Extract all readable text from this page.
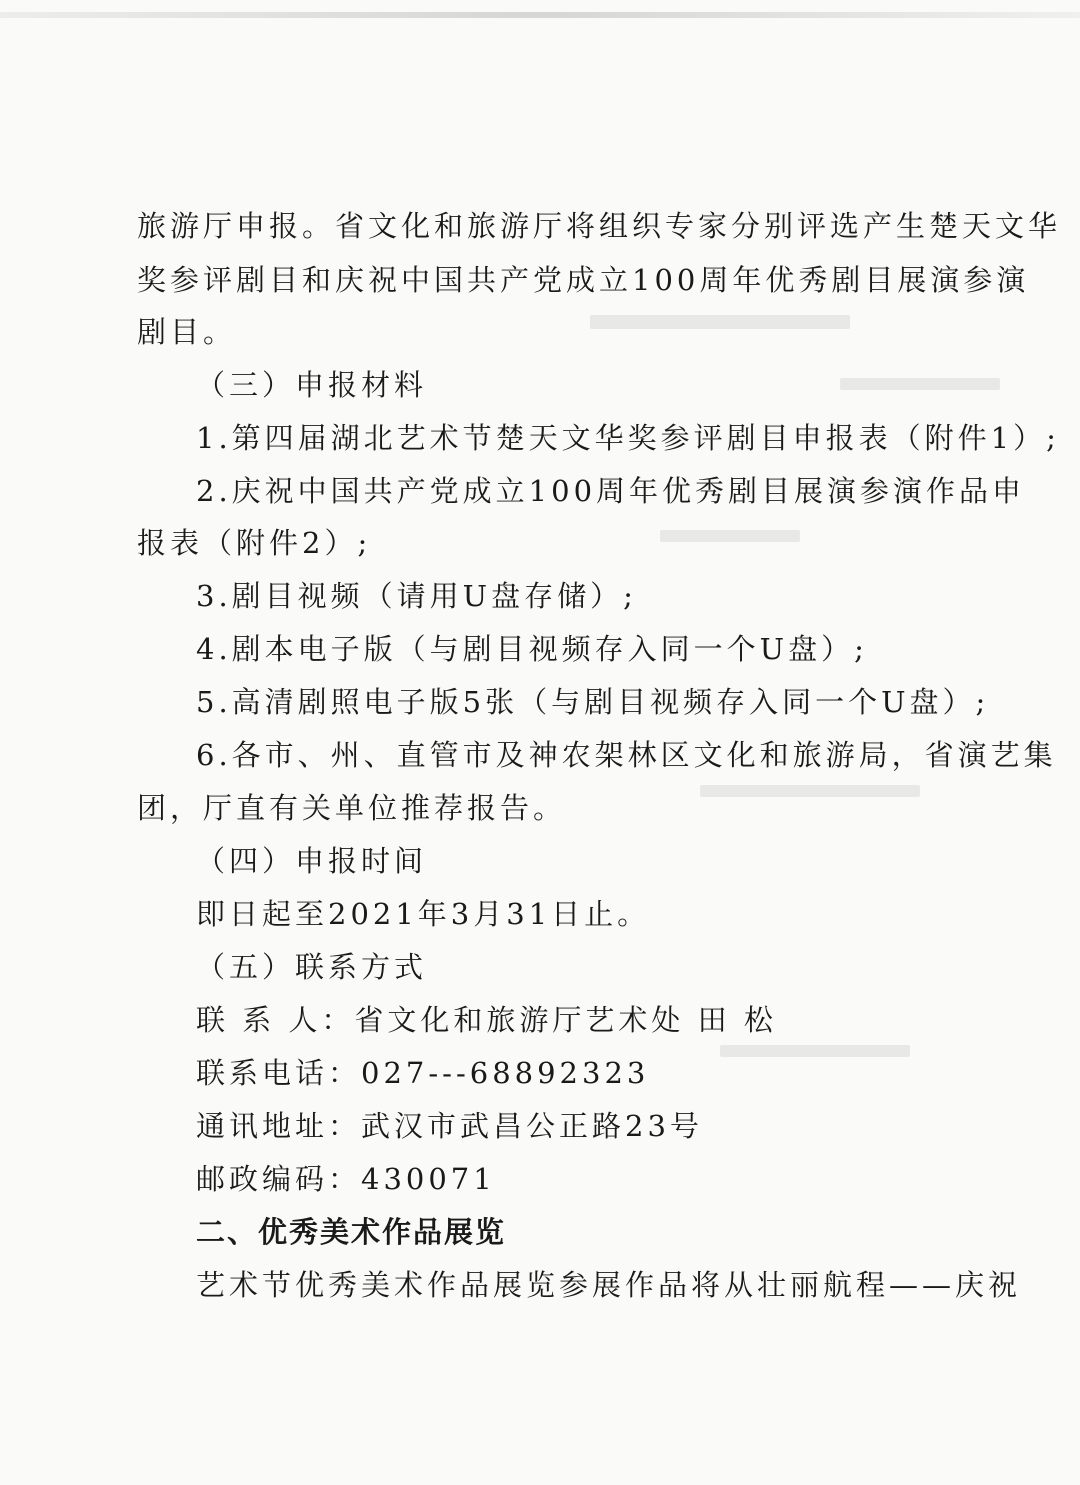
旅游厅申报。省文化和旅游厅将组织专家分别评选产生楚天文华
奖参评剧目和庆祝中国共产党成立100周年优秀剧目展演参演
剧目。
（三）申报材料
1.第四届湖北艺术节楚天文华奖参评剧目申报表（附件1）;
2.庆祝中国共产党成立100周年优秀剧目展演参演作品申
报表（附件2）;
3.剧目视频（请用U盘存储）;
4.剧本电子版（与剧目视频存入同一个U盘）;
5.高清剧照电子版5张（与剧目视频存入同一个U盘）;
6.各市、州、直管市及神农架林区文化和旅游局，省演艺集
团，厅直有关单位推荐报告。
（四）申报时间
即日起至2021年3月31日止。
（五）联系方式
联 系 人：省文化和旅游厅艺术处 田 松
联系电话：027---68892323
通讯地址：武汉市武昌公正路23号
邮政编码：430071
二、优秀美术作品展览
艺术节优秀美术作品展览参展作品将从壮丽航程——庆祝
